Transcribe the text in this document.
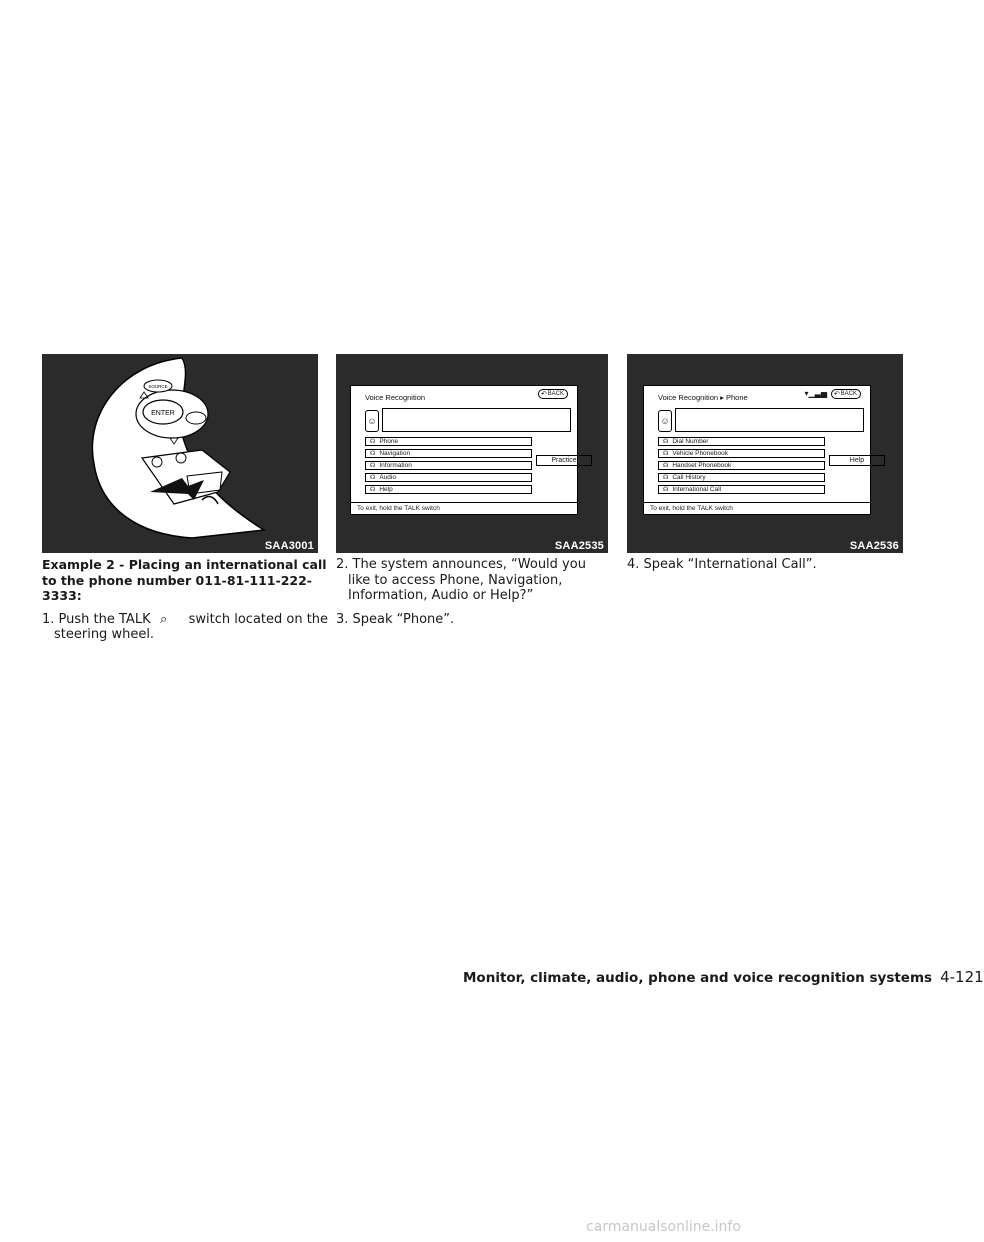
ENTER
SOURCE
SAA3001
Voice Recognition	↶ BACK
☺
☊ Phone
☊ Navigation
☊ Information
☊ Audio
☊ Help
Practice
To exit, hold the TALK switch
SAA2535
Voice Recognition ▸ Phone	▾▁▃▅ ↶ BACK
☺
☊ Dial Number
☊ Vehicle Phonebook
☊ Handset Phonebook
☊ Call History
☊ International Call
Help
To exit, hold the TALK switch
SAA2536
Example 2 - Placing an international call to the phone number 011-81-111-222-3333:
1. Push the TALK ⌕ switch located on the steering wheel.
2. The system announces, “Would you like to access Phone, Navigation, Information, Audio or Help?”
3. Speak “Phone”.
4. Speak “International Call”.
Monitor, climate, audio, phone and voice recognition systems 4-121
carmanualsonline.info
